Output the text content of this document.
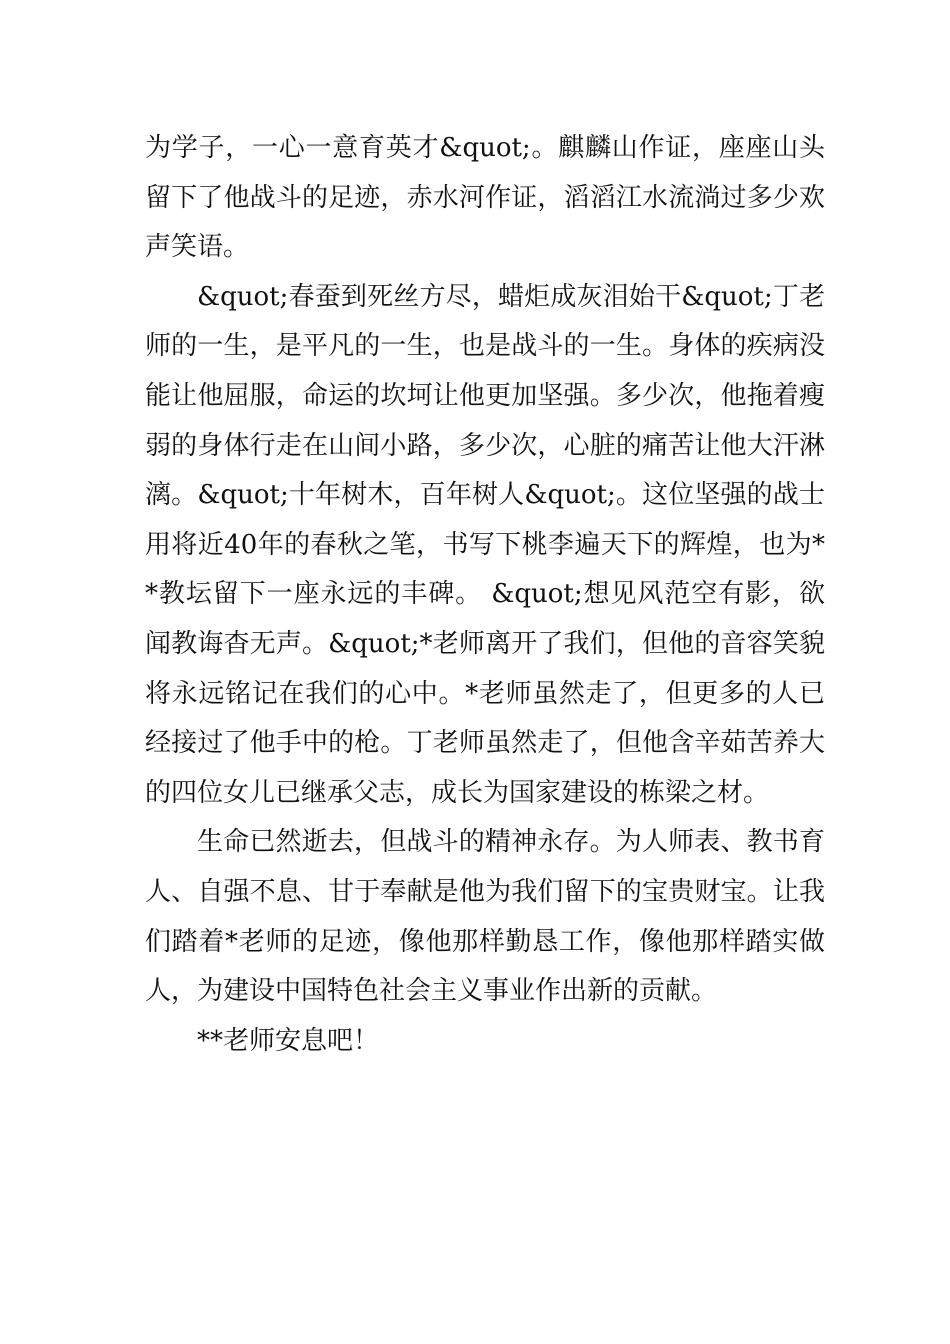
为学子，一心一意育英才&quot;。麒麟山作证，座座山头留下了他战斗的足迹，赤水河作证，滔滔江水流淌过多少欢声笑语。

&quot;春蚕到死丝方尽，蜡炬成灰泪始干&quot;丁老师的一生，是平凡的一生，也是战斗的一生。身体的疾病没能让他屈服，命运的坎坷让他更加坚强。多少次，他拖着瘦弱的身体行走在山间小路，多少次，心脏的痛苦让他大汗淋漓。&quot;十年树木，百年树人&quot;。这位坚强的战士用将近40年的春秋之笔，书写下桃李遍天下的辉煌，也为**教坛留下一座永远的丰碑。 &quot;想见风范空有影，欲闻教诲杳无声。&quot;*老师离开了我们，但他的音容笑貌将永远铭记在我们的心中。*老师虽然走了，但更多的人已经接过了他手中的枪。丁老师虽然走了，但他含辛茹苦养大的四位女儿已继承父志，成长为国家建设的栋梁之材。

生命已然逝去，但战斗的精神永存。为人师表、教书育人、自强不息、甘于奉献是他为我们留下的宝贵财宝。让我们踏着*老师的足迹，像他那样勤恳工作，像他那样踏实做人，为建设中国特色社会主义事业作出新的贡献。

**老师安息吧！
